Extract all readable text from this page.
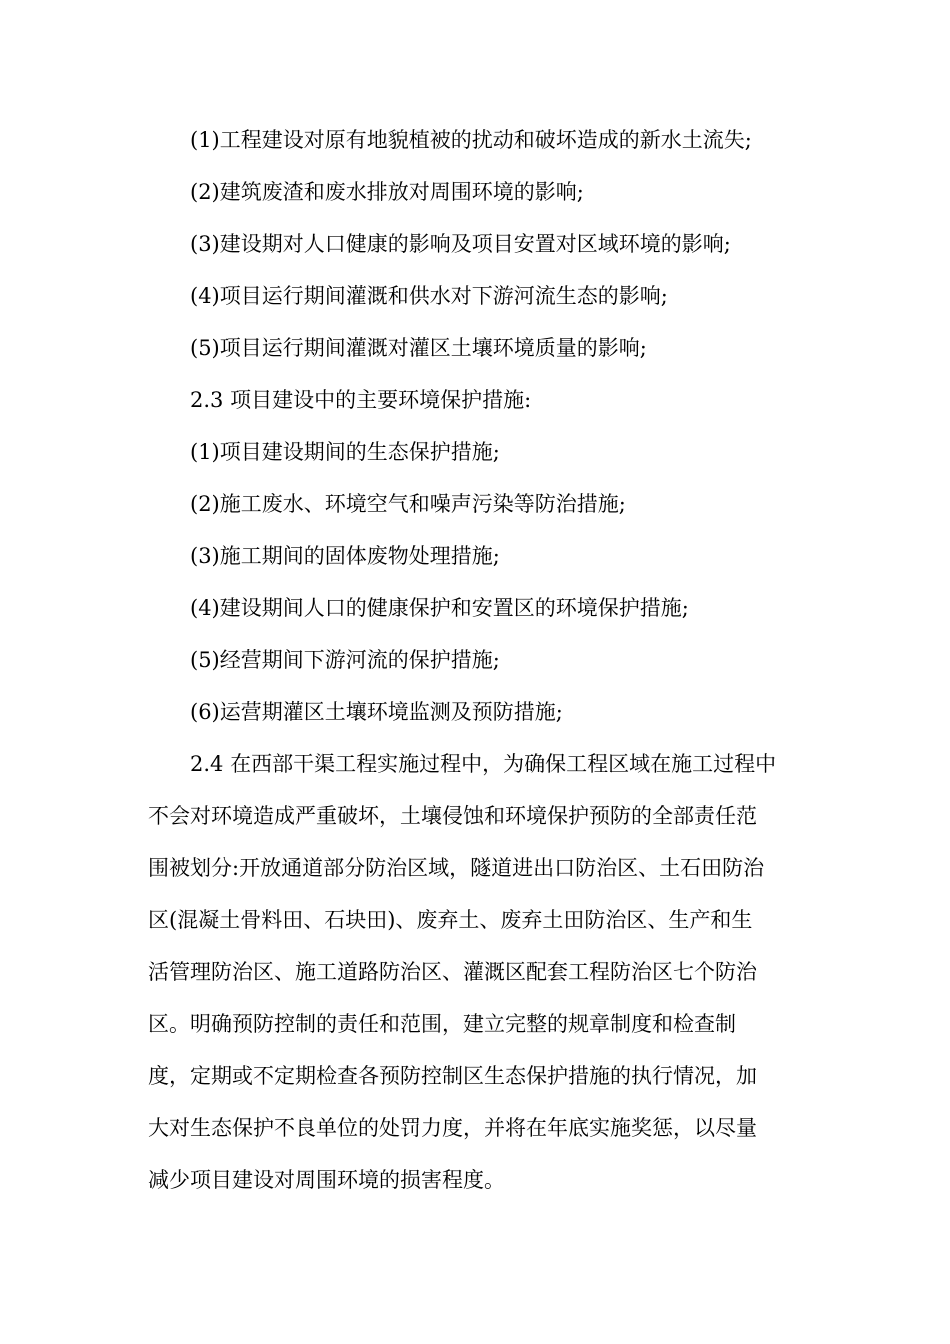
(1)工程建设对原有地貌植被的扰动和破坏造成的新水土流失;
(2)建筑废渣和废水排放对周围环境的影响;
(3)建设期对人口健康的影响及项目安置对区域环境的影响;
(4)项目运行期间灌溉和供水对下游河流生态的影响;
(5)项目运行期间灌溉对灌区土壤环境质量的影响;
2.3 项目建设中的主要环境保护措施:
(1)项目建设期间的生态保护措施;
(2)施工废水、环境空气和噪声污染等防治措施;
(3)施工期间的固体废物处理措施;
(4)建设期间人口的健康保护和安置区的环境保护措施;
(5)经营期间下游河流的保护措施;
(6)运营期灌区土壤环境监测及预防措施;
2.4 在西部干渠工程实施过程中，为确保工程区域在施工过程中
不会对环境造成严重破坏，土壤侵蚀和环境保护预防的全部责任范
围被划分:开放通道部分防治区域，隧道进出口防治区、土石田防治
区(混凝土骨料田、石块田)、废弃土、废弃土田防治区、生产和生
活管理防治区、施工道路防治区、灌溉区配套工程防治区七个防治
区。明确预防控制的责任和范围，建立完整的规章制度和检查制
度，定期或不定期检查各预防控制区生态保护措施的执行情况，加
大对生态保护不良单位的处罚力度，并将在年底实施奖惩，以尽量
减少项目建设对周围环境的损害程度。
